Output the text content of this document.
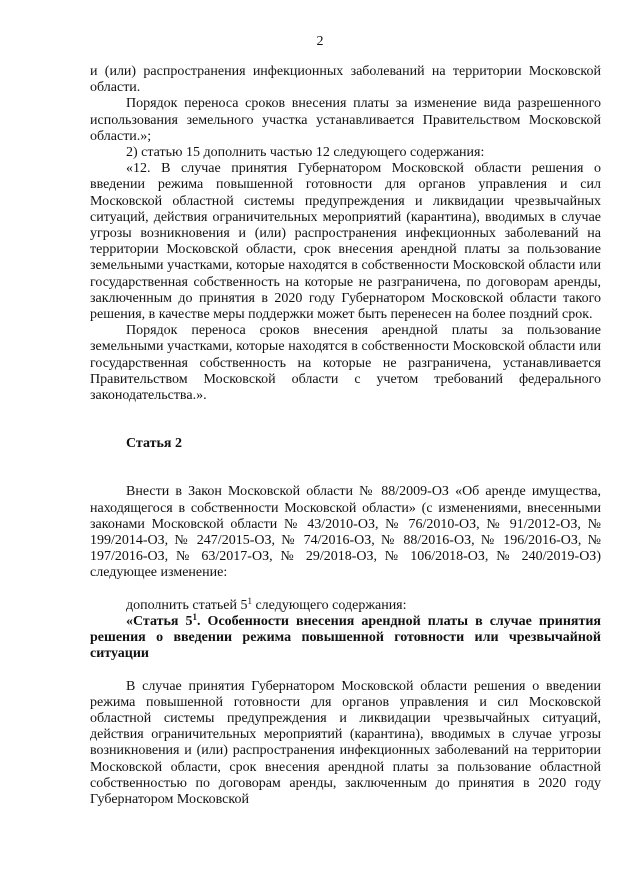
2

и (или) распространения инфекционных заболеваний на территории Московской области.

Порядок переноса сроков внесения платы за изменение вида разрешенного использования земельного участка устанавливается Правительством Московской области.»;

2) статью 15 дополнить частью 12 следующего содержания:

«12. В случае принятия Губернатором Московской области решения о введении режима повышенной готовности для органов управления и сил Московской областной системы предупреждения и ликвидации чрезвычайных ситуаций, действия ограничительных мероприятий (карантина), вводимых в случае угрозы возникновения и (или) распространения инфекционных заболеваний на территории Московской области, срок внесения арендной платы за пользование земельными участками, которые находятся в собственности Московской области или государственная собственность на которые не разграничена, по договорам аренды, заключенным до принятия в 2020 году Губернатором Московской области такого решения, в качестве меры поддержки может быть перенесен на более поздний срок.

Порядок переноса сроков внесения арендной платы за пользование земельными участками, которые находятся в собственности Московской области или государственная собственность на которые не разграничена, устанавливается Правительством Московской области с учетом требований федерального законодательства.».

Статья 2

Внести в Закон Московской области № 88/2009-ОЗ «Об аренде имущества, находящегося в собственности Московской области» (с изменениями, внесенными законами Московской области № 43/2010-ОЗ, № 76/2010-ОЗ, № 91/2012-ОЗ, № 199/2014-ОЗ, № 247/2015-ОЗ, № 74/2016-ОЗ, № 88/2016-ОЗ, № 196/2016-ОЗ, № 197/2016-ОЗ, № 63/2017-ОЗ, № 29/2018-ОЗ, № 106/2018-ОЗ, № 240/2019-ОЗ) следующее изменение:

дополнить статьей $5^1$ следующего содержания:

«Статья $5^1$. Особенности внесения арендной платы в случае принятия решения о введении режима повышенной готовности или чрезвычайной ситуации

В случае принятия Губернатором Московской области решения о введении режима повышенной готовности для органов управления и сил Московской областной системы предупреждения и ликвидации чрезвычайных ситуаций, действия ограничительных мероприятий (карантина), вводимых в случае угрозы возникновения и (или) распространения инфекционных заболеваний на территории Московской области, срок внесения арендной платы за пользование областной собственностью по договорам аренды, заключенным до принятия в 2020 году Губернатором Московской
